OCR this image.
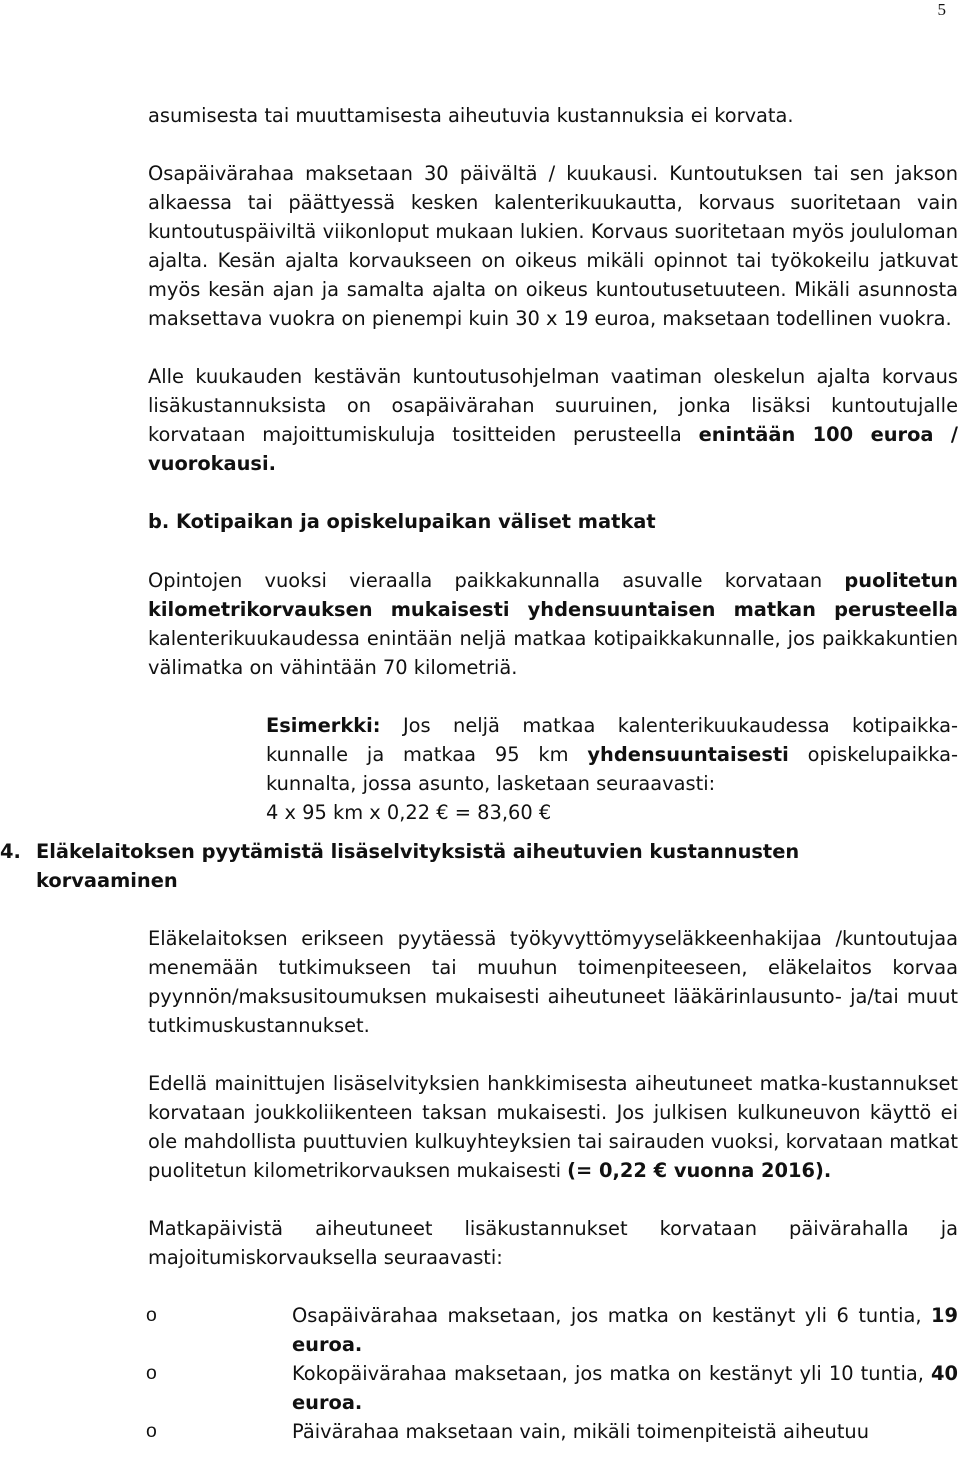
5

asumisesta tai muuttamisesta aiheutuvia kustannuksia ei korvata.

Osapäivärahaa maksetaan 30 päivältä / kuukausi. Kuntoutuksen tai sen jakson alkaessa tai päättyessä kesken kalenterikuukautta, korvaus suoritetaan vain kuntoutuspäiviltä viikonloput mukaan lukien. Korvaus suoritetaan myös joululoman ajalta. Kesän ajalta korvaukseen on oikeus mikäli opinnot tai työkokeilu jatkuvat myös kesän ajan ja samalta ajalta on oikeus kuntoutusetuuteen. Mikäli asunnosta maksettava vuokra on pienempi kuin 30 x 19 euroa, maksetaan todellinen vuokra.

Alle kuukauden kestävän kuntoutusohjelman vaatiman oleskelun ajalta korvaus lisäkustannuksista on osapäivärahan suuruinen, jonka lisäksi kuntoutujalle korvataan majoittumiskuluja tositteiden perusteella enintään 100 euroa / vuorokausi.

b. Kotipaikan ja opiskelupaikan väliset matkat

Opintojen vuoksi vieraalla paikkakunnalla asuvalle korvataan puolitetun kilometrikorvauksen mukaisesti yhdensuuntaisen matkan perusteella kalenterikuukaudessa enintään neljä matkaa kotipaikkakunnalle, jos paikkakuntien välimatka on vähintään 70 kilometriä.

Esimerkki: Jos neljä matkaa kalenterikuukaudessa kotipaikka-kunnalle ja matkaa 95 km yhdensuuntaisesti opiskelupaikka-kunnalta, jossa asunto, lasketaan seuraavasti:

4 x 95 km x 0,22 € = 83,60 €

4. Eläkelaitoksen pyytämistä lisäselvityksistä aiheutuvien kustannusten
korvaaminen

Eläkelaitoksen erikseen pyytäessä työkyvyttömyyseläkkeenhakijaa /kuntoutujaa menemään tutkimukseen tai muuhun toimenpiteeseen, eläkelaitos korvaa pyynnön/maksusitoumuksen mukaisesti aiheutuneet lääkärinlausunto- ja/tai muut tutkimuskustannukset.

Edellä mainittujen lisäselvityksien hankkimisesta aiheutuneet matka-kustannukset korvataan joukkoliikenteen taksan mukaisesti. Jos julkisen kulkuneuvon käyttö ei ole mahdollista puuttuvien kulkuyhteyksien tai sairauden vuoksi, korvataan matkat puolitetun kilometrikorvauksen mukaisesti (= 0,22 € vuonna 2016).

Matkapäivistä aiheutuneet lisäkustannukset korvataan päivärahalla ja majoitumiskorvauksella seuraavasti:

o	Osapäivärahaa maksetaan, jos matka on kestänyt yli 6 tuntia, 19 euroa.
o	Kokopäivärahaa maksetaan, jos matka on kestänyt yli 10 tuntia, 40 euroa.
o	Päivärahaa maksetaan vain, mikäli toimenpiteistä aiheutuu
